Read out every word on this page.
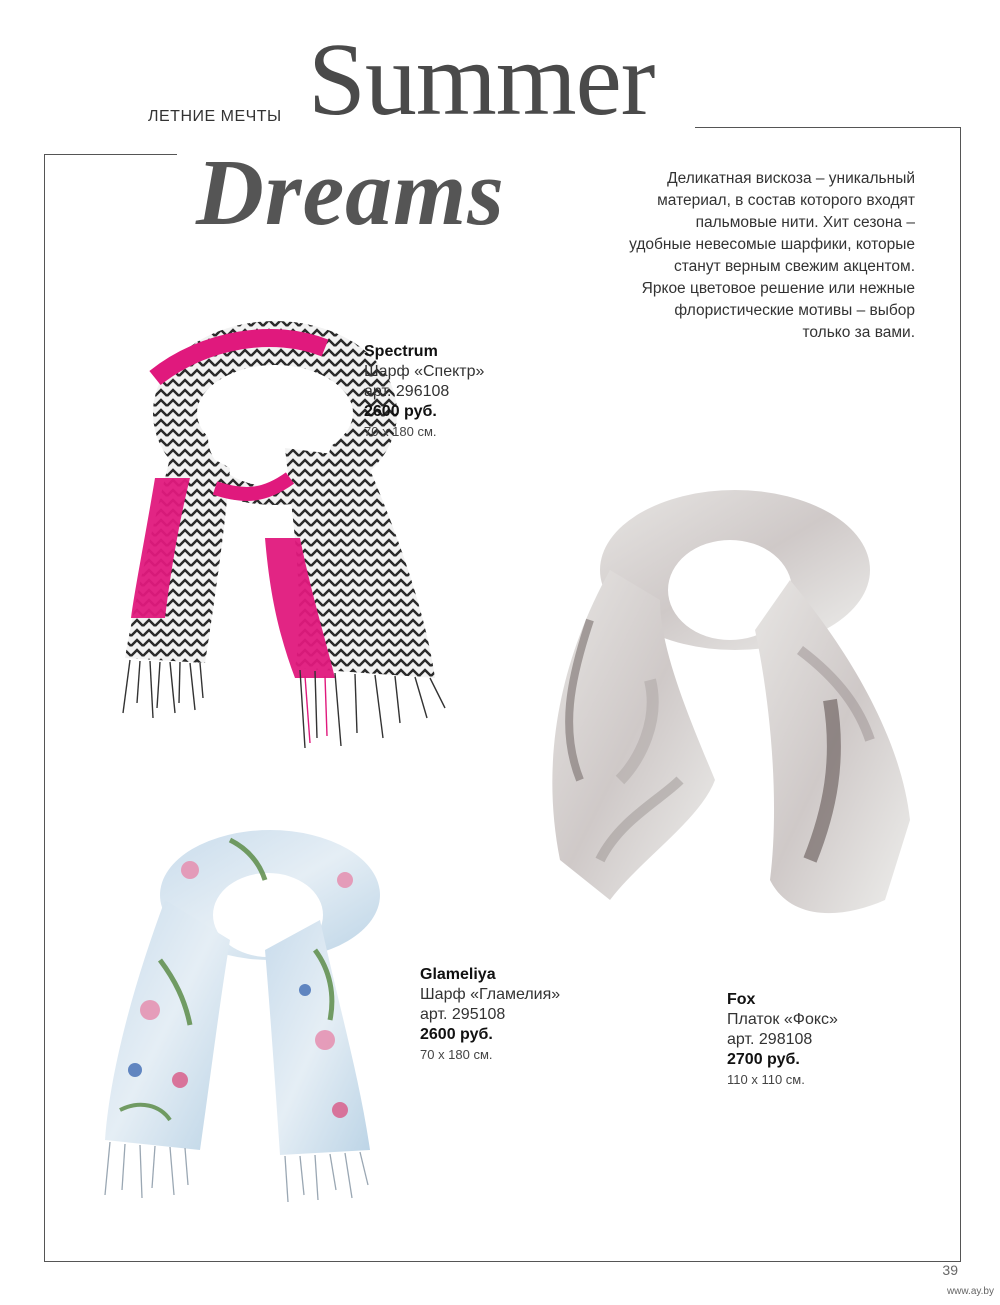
ЛЕТНИЕ МЕЧТЫ Summer
Dreams	Деликатная вискоза – уникальный
материал, в состав которого входят
пальмовые нити. Хит сезона –
удобные невесомые шарфики, которые
станут верным свежим акцентом.
Яркое цветовое решение или нежные
флористические мотивы – выбор
только за вами.
Spectrum
Шарф «Спектр»
арт. 296108
2600 руб.
70 x 180 см.
Fox
Платок «Фокс»
арт. 298108
2700 руб.
110 x 110 см.
Glameliya
Шарф «Гламелия»
арт. 295108
2600 руб.
70 x 180 см.
39
www.ay.by
